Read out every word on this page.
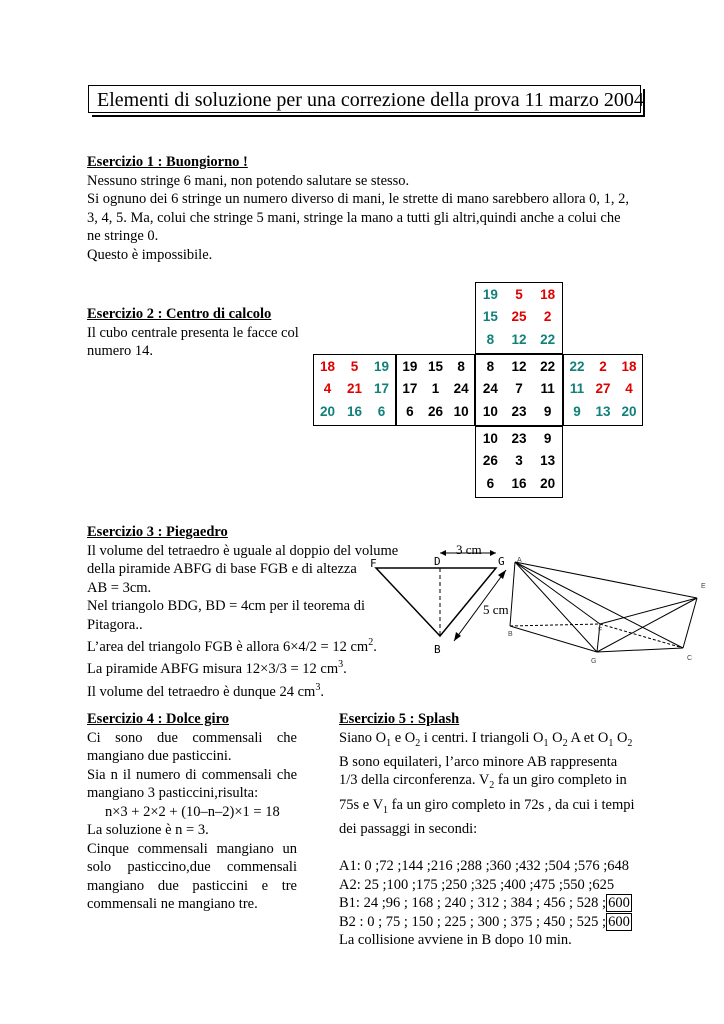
Elementi di soluzione per una correzione della prova 11 marzo 2004
Esercizio 1 : Buongiorno !
Nessuno stringe 6 mani, non potendo salutare se stesso.
Si ognuno dei 6 stringe un numero diverso di mani, le strette di mano sarebbero allora 0, 1, 2,
3, 4, 5. Ma, colui che stringe 5 mani, stringe la mano a tutti gli altri,quindi anche a colui che
ne stringe 0.
Questo è impossibile.
Esercizio 2 : Centro di calcolo
Il cubo centrale presenta le facce col
numero 14.
19	5	18
15	25	2
8	12	22
18	5	19
4	21	17
20	16	6
19	15	8
17	1	24
6	26	10
8	12	22
24	7	11
10	23	9
22	2	18
11	27	4
9	13	20
10	23	9
26	3	13
6	16	20
Esercizio 3 : Piegaedro
Il volume del tetraedro è uguale al doppio del volume
della piramide ABFG di base FGB e di altezza
AB = 3cm.
Nel triangolo BDG, BD = 4cm per il teorema di
Pitagora..
L’area del triangolo FGB è allora 6×4/2 = 12 $cm^2$.
La piramide ABFG misura 12×3/3 = 12 $cm^3$.
Il volume del tetraedro è dunque 24 $cm^3$.
F	D	G
B
3 cm
5 cm
A
E
B
F
G	C
Esercizio 4 : Dolce giro
Ci sono due commensali che
mangiano due pasticcini.
Sia n il numero di commensali che
mangiano 3 pasticcini,risulta:
n×3 + 2×2 + (10–n–2)×1 = 18
La soluzione è n = 3.
Cinque commensali mangiano un
solo pasticcino,due commensali
mangiano due pasticcini e tre
commensali ne mangiano tre.
Esercizio 5 : Splash
Siano $O_1$ e $O_2$ i centri. I triangoli $O_1$ $O_2$ A et $O_1$ $O_2$
B sono equilateri, l’arco minore AB rappresenta
1/3 della circonferenza. $V_2$ fa un giro completo in
75s e $V_1$ fa un giro completo in 72s , da cui i tempi
dei passaggi in secondi:
A1: 0 ;72 ;144 ;216 ;288 ;360 ;432 ;504 ;576 ;648
A2: 25 ;100 ;175 ;250 ;325 ;400 ;475 ;550 ;625
B1: 24 ;96 ; 168 ; 240 ; 312 ; 384 ; 456 ; 528 ; 600
B2 : 0 ; 75 ; 150 ; 225 ; 300 ; 375 ; 450 ; 525 ; 600
La collisione avviene in B dopo 10 min.
